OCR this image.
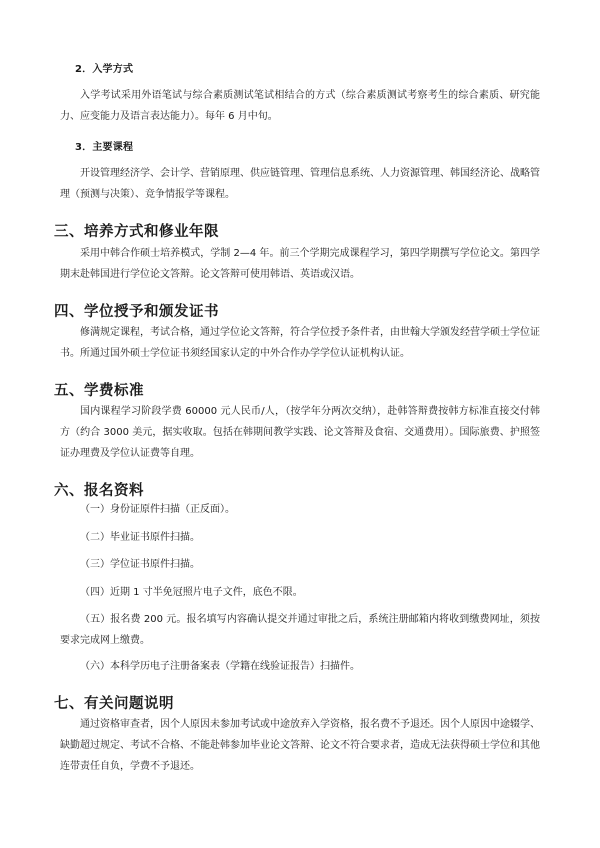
2．入学方式
入学考试采用外语笔试与综合素质测试笔试相结合的方式（综合素质测试考察考生的综合素质、研究能力、应变能力及语言表达能力）。每年 6 月中旬。
3．主要课程
开设管理经济学、会计学、营销原理、供应链管理、管理信息系统、人力资源管理、韩国经济论、战略管理（预测与决策）、竞争情报学等课程。
三、培养方式和修业年限
采用中韩合作硕士培养模式，学制 2—4 年。前三个学期完成课程学习，第四学期撰写学位论文。第四学期末赴韩国进行学位论文答辩。论文答辩可使用韩语、英语或汉语。
四、学位授予和颁发证书
修满规定课程，考试合格，通过学位论文答辩，符合学位授予条件者，由世翰大学颁发经营学硕士学位证书。所通过国外硕士学位证书须经国家认定的中外合作办学学位认证机构认证。
五、学费标准
国内课程学习阶段学费 60000 元人民币/人，（按学年分两次交纳），赴韩答辩费按韩方标准直接交付韩方（约合 3000 美元，据实收取。包括在韩期间教学实践、论文答辩及食宿、交通费用）。国际旅费、护照签证办理费及学位认证费等自理。
六、报名资料
（一）身份证原件扫描（正反面）。
（二）毕业证书原件扫描。
（三）学位证书原件扫描。
（四）近期 1 寸半免冠照片电子文件，底色不限。
（五）报名费 200 元。报名填写内容确认提交并通过审批之后，系统注册邮箱内将收到缴费网址，须按要求完成网上缴费。
（六）本科学历电子注册备案表（学籍在线验证报告）扫描件。
七、有关问题说明
通过资格审查者，因个人原因未参加考试或中途放弃入学资格，报名费不予退还。因个人原因中途辍学、缺勤超过规定、考试不合格、不能赴韩参加毕业论文答辩、论文不符合要求者，造成无法获得硕士学位和其他连带责任自负，学费不予退还。
